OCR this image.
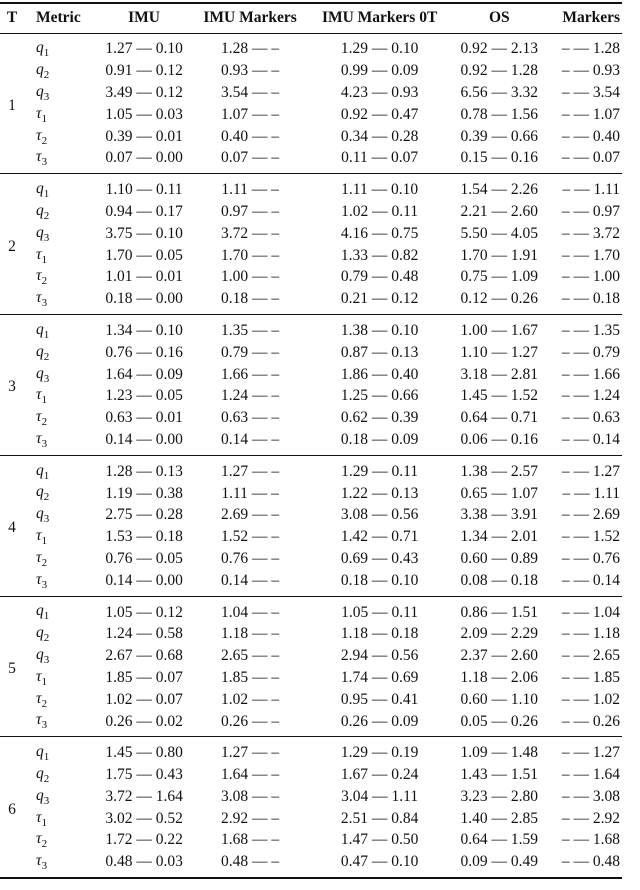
T	Metric	IMU	IMU Markers	IMU Markers 0T	OS	Markers
1	$q_1$	1.27 — 0.10	1.28 — –	1.29 — 0.10	0.92 — 2.13	– — 1.28
	$q_2$	0.91 — 0.12	0.93 — –	0.99 — 0.09	0.92 — 1.28	– — 0.93
	$q_3$	3.49 — 0.12	3.54 — –	4.23 — 0.93	6.56 — 3.32	– — 3.54
	$\tau_1$	1.05 — 0.03	1.07 — –	0.92 — 0.47	0.78 — 1.56	– — 1.07
	$\tau_2$	0.39 — 0.01	0.40 — –	0.34 — 0.28	0.39 — 0.66	– — 0.40
	$\tau_3$	0.07 — 0.00	0.07 — –	0.11 — 0.07	0.15 — 0.16	– — 0.07
2	$q_1$	1.10 — 0.11	1.11 — –	1.11 — 0.10	1.54 — 2.26	– — 1.11
	$q_2$	0.94 — 0.17	0.97 — –	1.02 — 0.11	2.21 — 2.60	– — 0.97
	$q_3$	3.75 — 0.10	3.72 — –	4.16 — 0.75	5.50 — 4.05	– — 3.72
	$\tau_1$	1.70 — 0.05	1.70 — –	1.33 — 0.82	1.70 — 1.91	– — 1.70
	$\tau_2$	1.01 — 0.01	1.00 — –	0.79 — 0.48	0.75 — 1.09	– — 1.00
	$\tau_3$	0.18 — 0.00	0.18 — –	0.21 — 0.12	0.12 — 0.26	– — 0.18
3	$q_1$	1.34 — 0.10	1.35 — –	1.38 — 0.10	1.00 — 1.67	– — 1.35
	$q_2$	0.76 — 0.16	0.79 — –	0.87 — 0.13	1.10 — 1.27	– — 0.79
	$q_3$	1.64 — 0.09	1.66 — –	1.86 — 0.40	3.18 — 2.81	– — 1.66
	$\tau_1$	1.23 — 0.05	1.24 — –	1.25 — 0.66	1.45 — 1.52	– — 1.24
	$\tau_2$	0.63 — 0.01	0.63 — –	0.62 — 0.39	0.64 — 0.71	– — 0.63
	$\tau_3$	0.14 — 0.00	0.14 — –	0.18 — 0.09	0.06 — 0.16	– — 0.14
4	$q_1$	1.28 — 0.13	1.27 — –	1.29 — 0.11	1.38 — 2.57	– — 1.27
	$q_2$	1.19 — 0.38	1.11 — –	1.22 — 0.13	0.65 — 1.07	– — 1.11
	$q_3$	2.75 — 0.28	2.69 — –	3.08 — 0.56	3.38 — 3.91	– — 2.69
	$\tau_1$	1.53 — 0.18	1.52 — –	1.42 — 0.71	1.34 — 2.01	– — 1.52
	$\tau_2$	0.76 — 0.05	0.76 — –	0.69 — 0.43	0.60 — 0.89	– — 0.76
	$\tau_3$	0.14 — 0.00	0.14 — –	0.18 — 0.10	0.08 — 0.18	– — 0.14
5	$q_1$	1.05 — 0.12	1.04 — –	1.05 — 0.11	0.86 — 1.51	– — 1.04
	$q_2$	1.24 — 0.58	1.18 — –	1.18 — 0.18	2.09 — 2.29	– — 1.18
	$q_3$	2.67 — 0.68	2.65 — –	2.94 — 0.56	2.37 — 2.60	– — 2.65
	$\tau_1$	1.85 — 0.07	1.85 — –	1.74 — 0.69	1.18 — 2.06	– — 1.85
	$\tau_2$	1.02 — 0.07	1.02 — –	0.95 — 0.41	0.60 — 1.10	– — 1.02
	$\tau_3$	0.26 — 0.02	0.26 — –	0.26 — 0.09	0.05 — 0.26	– — 0.26
6	$q_1$	1.45 — 0.80	1.27 — –	1.29 — 0.19	1.09 — 1.48	– — 1.27
	$q_2$	1.75 — 0.43	1.64 — –	1.67 — 0.24	1.43 — 1.51	– — 1.64
	$q_3$	3.72 — 1.64	3.08 — –	3.04 — 1.11	3.23 — 2.80	– — 3.08
	$\tau_1$	3.02 — 0.52	2.92 — –	2.51 — 0.84	1.40 — 2.85	– — 2.92
	$\tau_2$	1.72 — 0.22	1.68 — –	1.47 — 0.50	0.64 — 1.59	– — 1.68
	$\tau_3$	0.48 — 0.03	0.48 — –	0.47 — 0.10	0.09 — 0.49	– — 0.48
